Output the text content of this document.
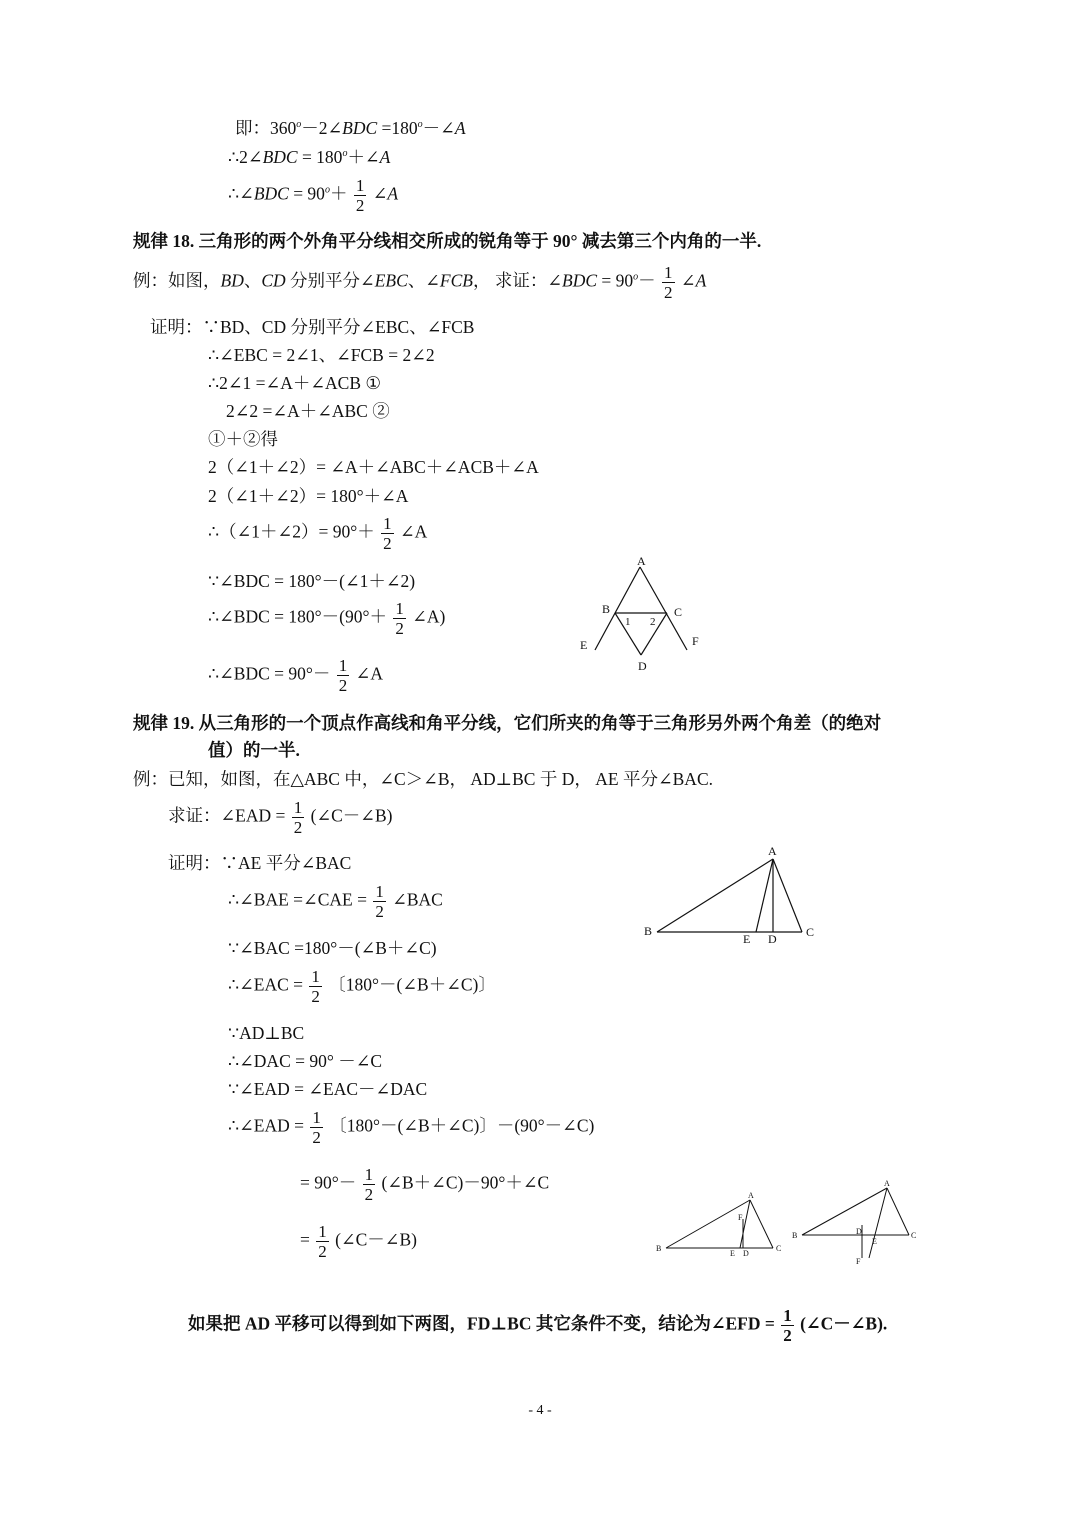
即：$360^o-2\angle BDC$ $=180^o-\angle A$
∴2∠BDC = $180^o+\angle A$
∴∠BDC = $90^o+ \frac{1}{2}$ ∠A
规律 18. 三角形的两个外角平分线相交所成的锐角等于 90° 减去第三个内角的一半.
例：如图，BD、CD 分别平分∠EBC、∠FCB， 求证：∠BDC = $90^o- \frac{1}{2}$ ∠A
证明：∵BD、CD 分别平分∠EBC、∠FCB
∴∠EBC = 2∠1、∠FCB = 2∠2
∴2∠1 =∠A＋∠ACB ①
2∠2 =∠A＋∠ABC ②
①＋②得
2（∠1＋∠2）= ∠A＋∠ABC＋∠ACB＋∠A
2（∠1＋∠2）= 180°＋∠A
∴（∠1＋∠2）= $90^\circ+ \frac{1}{2}$ ∠A
∵∠BDC = 180°－(∠1＋∠2)
∴∠BDC = $180^\circ-(90^\circ+ \frac{1}{2}$ ∠A)
∴∠BDC = $90^\circ- \frac{1}{2}$ ∠A
A
B	C
1 2
E	F
D
规律 19. 从三角形的一个顶点作高线和角平分线，它们所夹的角等于三角形另外两个角差（的绝对
值）的一半.
例：已知，如图，在△ABC 中，∠C＞∠B， AD⊥BC 于 D， AE 平分∠BAC.
求证：∠EAD = $\frac{1}{2}$ (∠C－∠B)
证明：∵AE 平分∠BAC
∴∠BAE =∠CAE = $\frac{1}{2}$ ∠BAC
∵∠BAC =180°－(∠B＋∠C)
∴∠EAC = $\frac{1}{2}$ 〔180°－(∠B＋∠C)〕
∵AD⊥BC
∴∠DAC = 90° －∠C
∵∠EAD = ∠EAC－∠DAC
∴∠EAD = $\frac{1}{2}$ 〔180°－(∠B＋∠C)〕－(90°－∠C)
= $90^\circ- \frac{1}{2}$ (∠B＋∠C)－90°＋∠C
= $\frac{1}{2}$ (∠C－∠B)
A
B
E D C
A
F
B
E D
C
A
B	D
E
C
F
如果把 AD 平移可以得到如下两图，FD⊥BC 其它条件不变，结论为∠EFD = $\frac{1}{2}$ (∠C－∠B).
- 4 -
